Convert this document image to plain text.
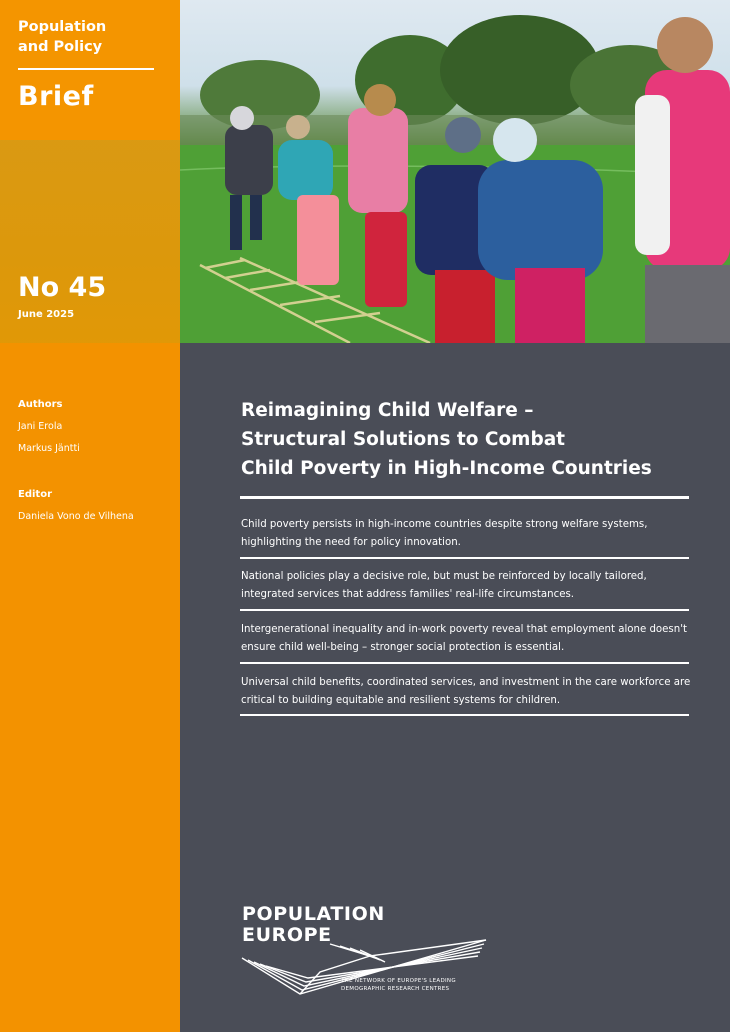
Population
and Policy
Brief
No 45
June 2025
Authors
Jani Erola
Markus Jäntti
Editor
Daniela Vono de Vilhena
Reimagining Child Welfare –
Structural Solutions to Combat
Child Poverty in High-Income Countries
Child poverty persists in high-income countries despite strong welfare systems, highlighting the need for policy innovation.
National policies play a decisive role, but must be reinforced by locally tailored, integrated services that address families' real-life circumstances.
Intergenerational inequality and in-work poverty reveal that employment alone doesn't ensure child well-being – stronger social protection is essential.
Universal child benefits, coordinated services, and investment in the care workforce are critical to building equitable and resilient systems for children.
POPULATION
EUROPE
THE NETWORK OF EUROPE'S LEADING
DEMOGRAPHIC RESEARCH CENTRES
